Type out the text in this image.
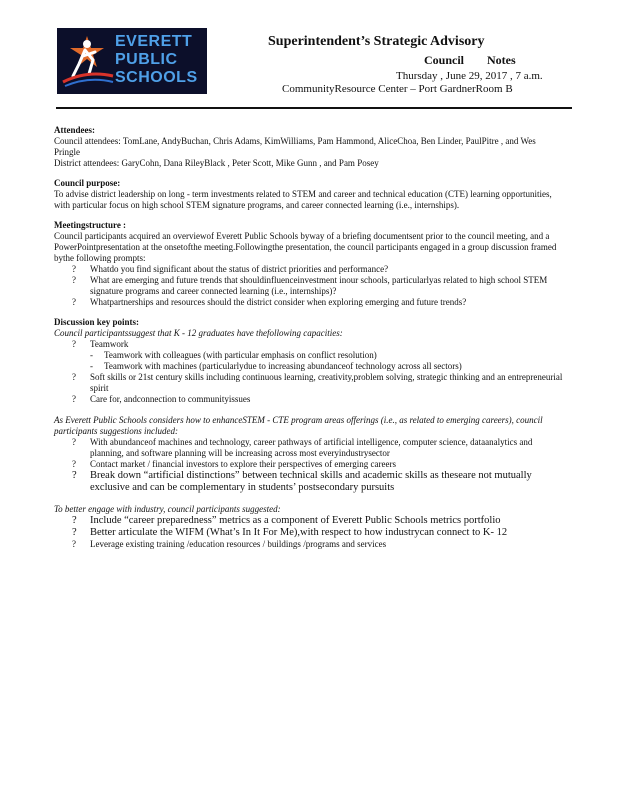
EVERETT
PUBLIC
SCHOOLS
Superintendent’s Strategic Advisory
Council Notes
Thursday , June 29, 2017 , 7 a.m.
CommunityResource Center – Port GardnerRoom B

Attendees:

Council attendees: TomLane, AndyBuchan, Chris Adams, KimWilliams, Pam Hammond, AliceChoa, Ben Linder, PaulPitre , and Wes Pringle

District attendees: GaryCohn, Dana RileyBlack , Peter Scott, Mike Gunn , and Pam Posey

Council purpose:

To advise district leadership on long - term investments related to STEM and career and technical education (CTE) learning opportunities, with particular focus on high school STEM signature programs, and career connected learning (i.e., internships).

Meetingstructure :

Council participants acquired an overviewof Everett Public Schools byway of a briefing documentsent prior to the council meeting, and a PowerPointpresentation at the onsetofthe meeting.Followingthe presentation, the council participants engaged in a group discussion framed bythe following prompts:

? Whatdo you find significant about the status of district priorities and performance?
? What are emerging and future trends that shouldinfluenceinvestment inour schools, particularlyas related to high school STEM signature programs and career connected learning (i.e., internships)?
? Whatpartnerships and resources should the district consider when exploring emerging and future trends?

Discussion key points:

Council participantssuggest that K - 12 graduates have thefollowing capacities:

? Teamwork
- Teamwork with colleagues (with particular emphasis on conflict resolution)
- Teamwork with machines (particularlydue to increasing abundanceof technology across all sectors)
? Soft skills or 21st century skills including continuous learning, creativity,problem solving, strategic thinking and an entrepreneurial spirit
? Care for, andconnection to communityissues

As Everett Public Schools considers how to enhanceSTEM - CTE program areas offerings (i.e., as related to emerging careers), council participants suggestions included:

? With abundanceof machines and technology, career pathways of artificial intelligence, computer science, dataanalytics and planning, and software planning will be increasing across most everyindustrysector
? Contact market / financial investors to explore their perspectives of emerging careers
? Break down “artificial distinctions” between technical skills and academic skills as theseare not mutually exclusive and can be complementary in students’ postsecondary pursuits

To better engage with industry, council participants suggested:

? Include “career preparedness” metrics as a component of Everett Public Schools metrics portfolio
? Better articulate the WIFM (What’s In It For Me),with respect to how industrycan connect to K- 12
? Leverage existing training /education resources / buildings /programs and services
